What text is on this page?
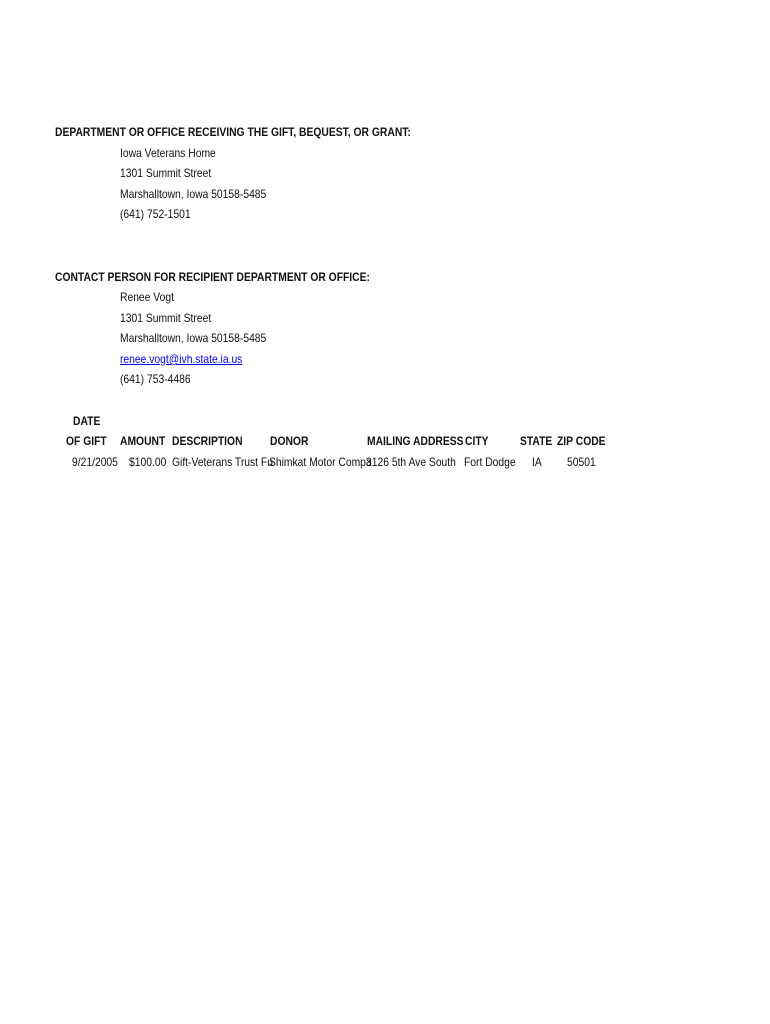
DEPARTMENT OR OFFICE RECEIVING THE GIFT, BEQUEST, OR GRANT:
Iowa Veterans Home
1301 Summit Street
Marshalltown, Iowa 50158-5485
(641) 752-1501
CONTACT PERSON FOR RECIPIENT DEPARTMENT OR OFFICE:
Renee Vogt
1301 Summit Street
Marshalltown, Iowa 50158-5485
renee.vogt@ivh.state.ia.us
(641) 753-4486
DATE
OF GIFT AMOUNT DESCRIPTION DONOR	MAILING ADDRESS CITY	STATE ZIP CODE
9/21/2005 $100.00 Gift-Veterans Trust Fu
Shimkat Motor Compa
3126 5th Ave South Fort Dodge IA 50501
